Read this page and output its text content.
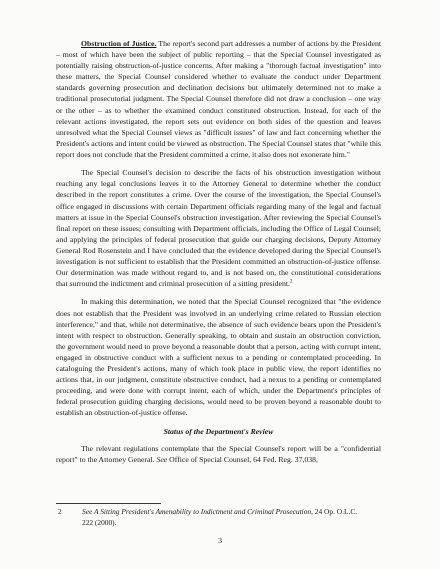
Obstruction of Justice. The report's second part addresses a number of actions by the President – most of which have been the subject of public reporting – that the Special Counsel investigated as potentially raising obstruction-of-justice concerns. After making a "thorough factual investigation" into these matters, the Special Counsel considered whether to evaluate the conduct under Department standards governing prosecution and declination decisions but ultimately determined not to make a traditional prosecutorial judgment. The Special Counsel therefore did not draw a conclusion – one way or the other – as to whether the examined conduct constituted obstruction. Instead, for each of the relevant actions investigated, the report sets out evidence on both sides of the question and leaves unresolved what the Special Counsel views as "difficult issues" of law and fact concerning whether the President's actions and intent could be viewed as obstruction. The Special Counsel states that "while this report does not conclude that the President committed a crime, it also does not exonerate him."

The Special Counsel's decision to describe the facts of his obstruction investigation without reaching any legal conclusions leaves it to the Attorney General to determine whether the conduct described in the report constitutes a crime. Over the course of the investigation, the Special Counsel's office engaged in discussions with certain Department officials regarding many of the legal and factual matters at issue in the Special Counsel's obstruction investigation. After reviewing the Special Counsel's final report on these issues; consulting with Department officials, including the Office of Legal Counsel; and applying the principles of federal prosecution that guide our charging decisions, Deputy Attorney General Rod Rosenstein and I have concluded that the evidence developed during the Special Counsel's investigation is not sufficient to establish that the President committed an obstruction-of-justice offense. Our determination was made without regard to, and is not based on, the constitutional considerations that surround the indictment and criminal prosecution of a sitting president.$^2$

In making this determination, we noted that the Special Counsel recognized that "the evidence does not establish that the President was involved in an underlying crime related to Russian election interference," and that, while not determinative, the absence of such evidence bears upon the President's intent with respect to obstruction. Generally speaking, to obtain and sustain an obstruction conviction, the government would need to prove beyond a reasonable doubt that a person, acting with corrupt intent, engaged in obstructive conduct with a sufficient nexus to a pending or contemplated proceeding. In cataloguing the President's actions, many of which took place in public view, the report identifies no actions that, in our judgment, constitute obstructive conduct, had a nexus to a pending or contemplated proceeding, and were done with corrupt intent, each of which, under the Department's principles of federal prosecution guiding charging decisions, would need to be proven beyond a reasonable doubt to establish an obstruction-of-justice offense.

Status of the Department's Review

The relevant regulations contemplate that the Special Counsel's report will be a "confidential report" to the Attorney General. See Office of Special Counsel, 64 Fed. Reg. 37,038,

2	See A Sitting President's Amenability to Indictment and Criminal Prosecution, 24 Op. O.L.C.
222 (2000).
3
